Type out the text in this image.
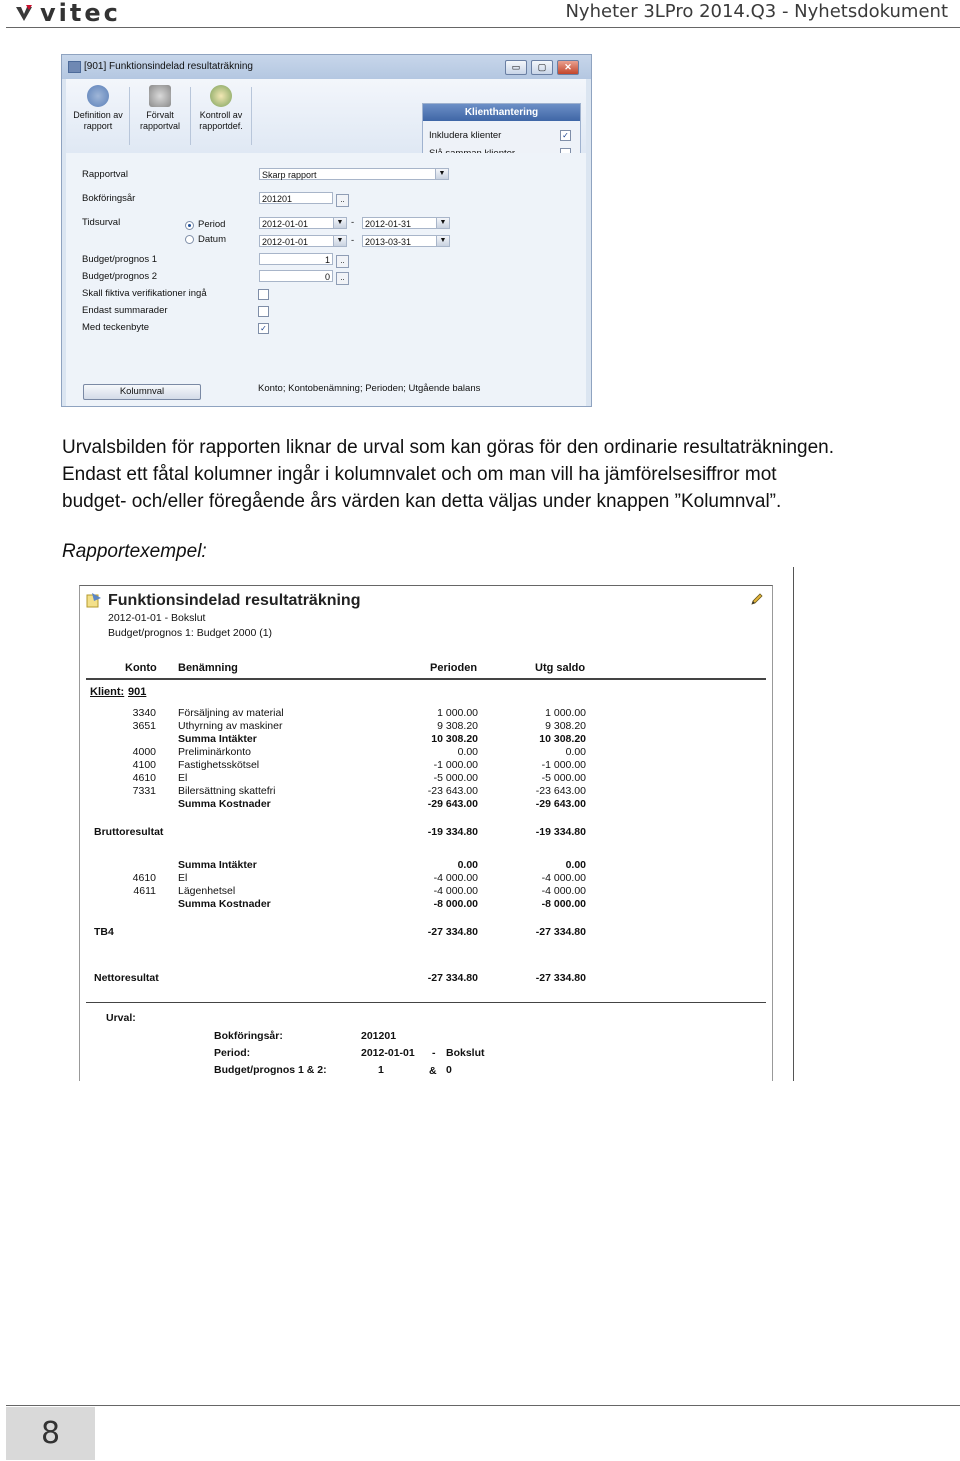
vitec	Nyheter 3LPro 2014.Q3 - Nyhetsdokument
[901] Funktionsindelad resultaträkning	▭	▢	✕
Definition av
rapport
Förvalt
rapportval
Kontroll av
rapportdef.
Klienthantering
Inkludera klienter	✓
Rapportval	Skarp rapport	▼
Bokföringsår	201201	..
Tidsurval	Period
Datum
2012-01-01	▼ -	2012-01-31	▼
2012-01-01	▼ -	2013-03-31	▼
Budget/prognos 1	1	..
Budget/prognos 2	0	..
Skall fiktiva verifikationer ingå
Endast summarader
Med teckenbyte	✓
Konto; Kontobenämning; Perioden; Utgående balans
Kolumnval
Urvalsbilden för rapporten liknar de urval som kan göras för den ordinarie resultaträkningen.
Endast ett fåtal kolumner ingår i kolumnvalet och om man vill ha jämförelsesiffror mot
budget- och/eller föregående års värden kan detta väljas under knappen ”Kolumnval”.
Rapportexempel:
Funktionsindelad resultaträkning
2012-01-01 - Bokslut
Budget/prognos 1: Budget 2000 (1)
Konto Benämning	Perioden	Utg saldo
Klient: 901
3340 Försäljning av material	1 000.00	1 000.00
3651 Uthyrning av maskiner	9 308.20	9 308.20
Summa Intäkter	10 308.20	10 308.20
4000 Preliminärkonto	0.00	0.00
4100 Fastighetsskötsel	-1 000.00	-1 000.00
4610 El	-5 000.00	-5 000.00
7331 Bilersättning skattefri	-23 643.00	-23 643.00
Summa Kostnader	-29 643.00	-29 643.00
Bruttoresultat	-19 334.80	-19 334.80
Summa Intäkter	0.00	0.00
4610 El	-4 000.00	-4 000.00
4611 Lägenhetsel	-4 000.00	-4 000.00
Summa Kostnader	-8 000.00	-8 000.00
TB4	-27 334.80	-27 334.80
Nettoresultat	-27 334.80	-27 334.80
Urval:
Bokföringsår:	201201
Period:	2012-01-01 - Bokslut
Budget/prognos 1 & 2:	1	& 0
8
